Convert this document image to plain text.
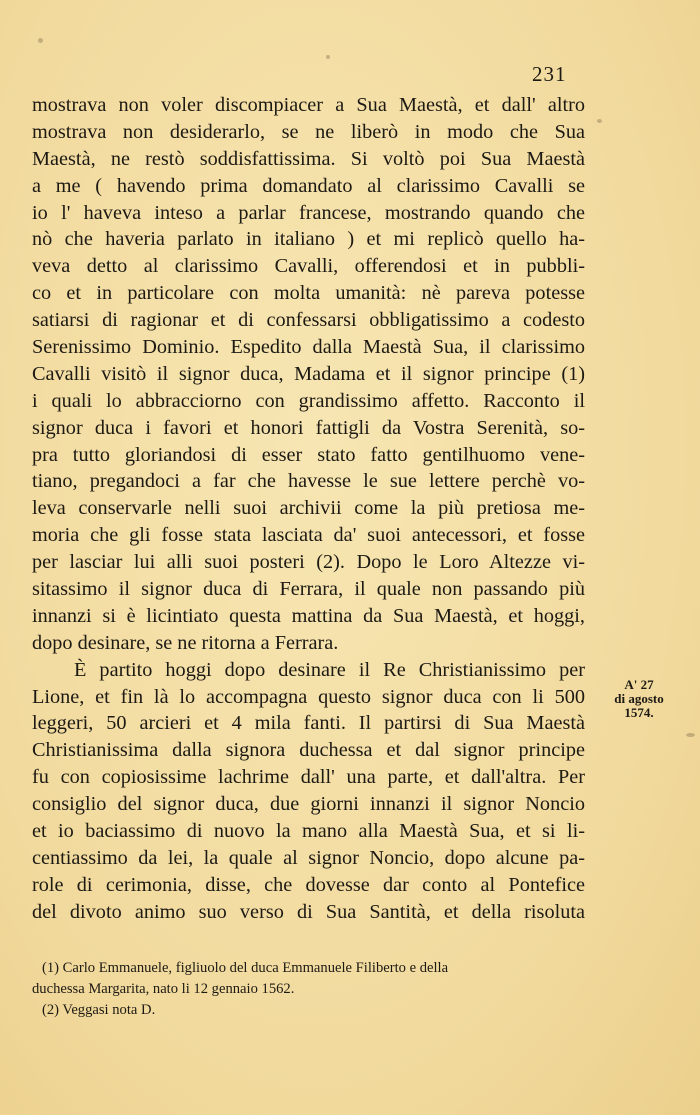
231
mostrava non voler discompiacer a Sua Maestà, et dall' altro
mostrava non desiderarlo, se ne liberò in modo che Sua
Maestà, ne restò soddisfattissima. Si voltò poi Sua Maestà
a me ( havendo prima domandato al clarissimo Cavalli se
io l' haveva inteso a parlar francese, mostrando quando che
nò che haveria parlato in italiano ) et mi replicò quello ha-
veva detto al clarissimo Cavalli, offerendosi et in pubbli-
co et in particolare con molta umanità: nè pareva potesse
satiarsi di ragionar et di confessarsi obbligatissimo a codesto
Serenissimo Dominio. Espedito dalla Maestà Sua, il clarissimo
Cavalli visitò il signor duca, Madama et il signor principe (1)
i quali lo abbracciorno con grandissimo affetto. Racconto il
signor duca i favori et honori fattigli da Vostra Serenità, so-
pra tutto gloriandosi di esser stato fatto gentilhuomo vene-
tiano, pregandoci a far che havesse le sue lettere perchè vo-
leva conservarle nelli suoi archivii come la più pretiosa me-
moria che gli fosse stata lasciata da' suoi antecessori, et fosse
per lasciar lui alli suoi posteri (2). Dopo le Loro Altezze vi-
sitassimo il signor duca di Ferrara, il quale non passando più
innanzi si è licintiato questa mattina da Sua Maestà, et hoggi,
dopo desinare, se ne ritorna a Ferrara.
È partito hoggi dopo desinare il Re Christianissimo per
Lione, et fin là lo accompagna questo signor duca con li 500
leggeri, 50 arcieri et 4 mila fanti. Il partirsi di Sua Maestà
Christianissima dalla signora duchessa et dal signor principe
fu con copiosissime lachrime dall' una parte, et dall'altra. Per
consiglio del signor duca, due giorni innanzi il signor Noncio
et io baciassimo di nuovo la mano alla Maestà Sua, et si li-
centiassimo da lei, la quale al signor Noncio, dopo alcune pa-
role di cerimonia, disse, che dovesse dar conto al Pontefice
del divoto animo suo verso di Sua Santità, et della risoluta
A' 27
di agosto
1574.
(1) Carlo Emmanuele, figliuolo del duca Emmanuele Filiberto e della
duchessa Margarita, nato li 12 gennaio 1562.
(2) Veggasi nota D.
